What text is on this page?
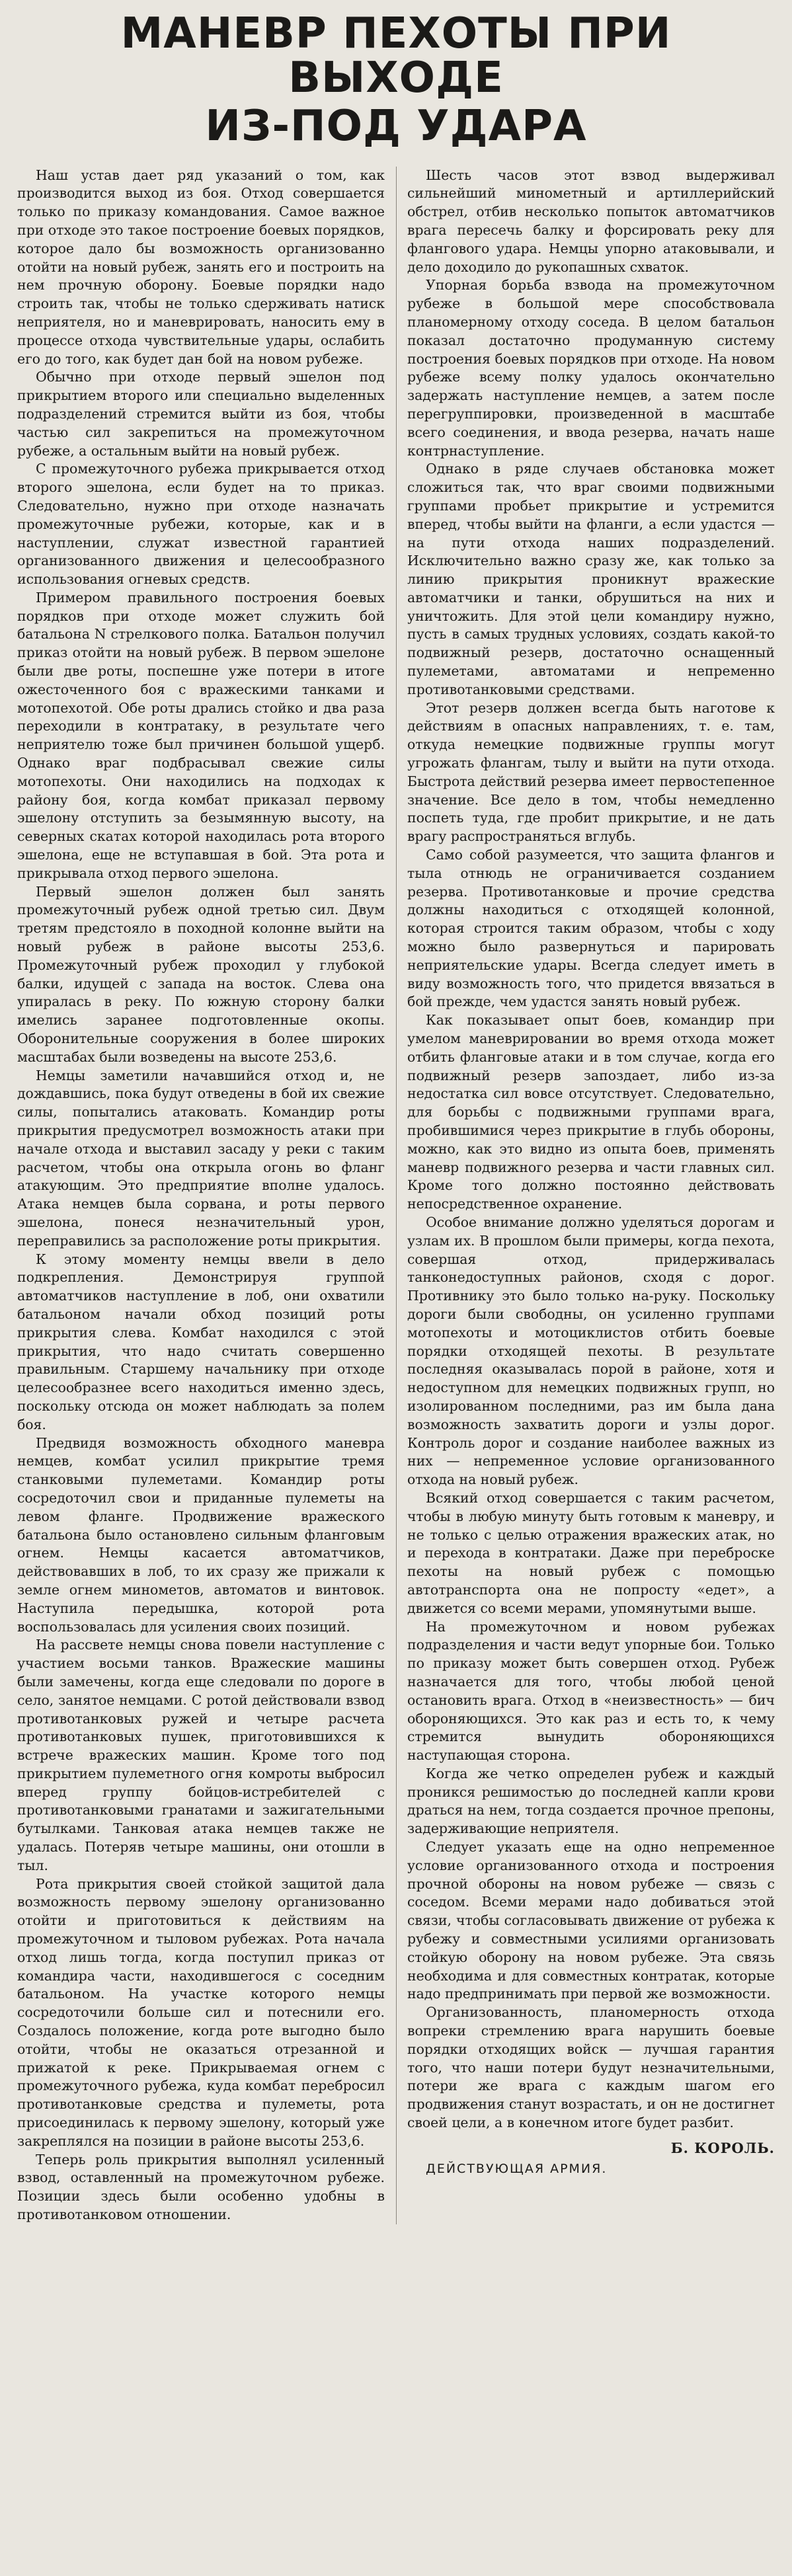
МАНЕВР ПЕХОТЫ ПРИ ВЫХОДЕ
ИЗ-ПОД УДАРА

Наш устав дает ряд указаний о том, как производится выход из боя. Отход совершается только по приказу командования. Самое важное при отходе это такое построение боевых порядков, которое дало бы возможность организованно отойти на новый рубеж, занять его и построить на нем прочную оборону. Боевые порядки надо строить так, чтобы не только сдерживать натиск неприятеля, но и маневрировать, наносить ему в процессе отхода чувствительные удары, ослабить его до того, как будет дан бой на новом рубеже.

Обычно при отходе первый эшелон под прикрытием второго или специально выделенных подразделений стремится выйти из боя, чтобы частью сил закрепиться на промежуточном рубеже, а остальным выйти на новый рубеж.

С промежуточного рубежа прикрывается отход второго эшелона, если будет на то приказ. Следовательно, нужно при отходе назначать промежуточные рубежи, которые, как и в наступлении, служат известной гарантией организованного движения и целесообразного использования огневых средств.

Примером правильного построения боевых порядков при отходе может служить бой батальона N стрелкового полка. Батальон получил приказ отойти на новый рубеж. В первом эшелоне были две роты, поспешне уже потери в итоге ожесточенного боя с вражескими танками и мотопехотой. Обе роты дрались стойко и два раза переходили в контратаку, в результате чего неприятелю тоже был причинен большой ущерб. Однако враг подбрасывал свежие силы мотопехоты. Они находились на подходах к району боя, когда комбат приказал первому эшелону отступить за безымянную высоту, на северных скатах которой находилась рота второго эшелона, еще не вступавшая в бой. Эта рота и прикрывала отход первого эшелона.

Первый эшелон должен был занять промежуточный рубеж одной третью сил. Двум третям предстояло в походной колонне выйти на новый рубеж в районе высоты 253,6. Промежуточный рубеж проходил у глубокой балки, идущей с запада на восток. Слева она упиралась в реку. По южную сторону балки имелись заранее подготовленные окопы. Оборонительные сооружения в более широких масштабах были возведены на высоте 253,6.

Немцы заметили начавшийся отход и, не дождавшись, пока будут отведены в бой их свежие силы, попытались атаковать. Командир роты прикрытия предусмотрел возможность атаки при начале отхода и выставил засаду у реки с таким расчетом, чтобы она открыла огонь во фланг атакующим. Это предприятие вполне удалось. Атака немцев была сорвана, и роты первого эшелона, понеся незначительный урон, переправились за расположение роты прикрытия.

К этому моменту немцы ввели в дело подкрепления. Демонстрируя группой автоматчиков наступление в лоб, они охватили батальоном начали обход позиций роты прикрытия слева. Комбат находился с этой прикрытия, что надо считать совершенно правильным. Старшему начальнику при отходе целесообразнее всего находиться именно здесь, поскольку отсюда он может наблюдать за полем боя.

Предвидя возможность обходного маневра немцев, комбат усилил прикрытие тремя станковыми пулеметами. Командир роты сосредоточил свои и приданные пулеметы на левом фланге. Продвижение вражеского батальона было остановлено сильным фланговым огнем. Немцы касается автоматчиков, действовавших в лоб, то их сразу же прижали к земле огнем минометов, автоматов и винтовок. Наступила передышка, которой рота воспользовалась для усиления своих позиций.

На рассвете немцы снова повели наступление с участием восьми танков. Вражеские машины были замечены, когда еще следовали по дороге в село, занятое немцами. С ротой действовали взвод противотанковых ружей и четыре расчета противотанковых пушек, приготовившихся к встрече вражеских машин. Кроме того под прикрытием пулеметного огня комроты выбросил вперед группу бойцов-истребителей с противотанковыми гранатами и зажигательными бутылками. Танковая атака немцев также не удалась. Потеряв четыре машины, они отошли в тыл.

Рота прикрытия своей стойкой защитой дала возможность первому эшелону организованно отойти и приготовиться к действиям на промежуточном и тыловом рубежах. Рота начала отход лишь тогда, когда поступил приказ от командира части, находившегося с соседним батальоном. На участке которого немцы сосредоточили больше сил и потеснили его. Создалось положение, когда роте выгодно было отойти, чтобы не оказаться отрезанной и прижатой к реке. Прикрываемая огнем с промежуточного рубежа, куда комбат перебросил противотанковые средства и пулеметы, рота присоединилась к первому эшелону, который уже закреплялся на позиции в районе высоты 253,6.

Теперь роль прикрытия выполнял усиленный взвод, оставленный на промежуточном рубеже. Позиции здесь были особенно удобны в противотанковом отношении.

Шесть часов этот взвод выдерживал сильнейший минометный и артиллерийский обстрел, отбив несколько попыток автоматчиков врага пересечь балку и форсировать реку для флангового удара. Немцы упорно атаковывали, и дело доходило до рукопашных схваток.

Упорная борьба взвода на промежуточном рубеже в большой мере способствовала планомерному отходу соседа. В целом батальон показал достаточно продуманную систему построения боевых порядков при отходе. На новом рубеже всему полку удалось окончательно задержать наступление немцев, а затем после перегруппировки, произведенной в масштабе всего соединения, и ввода резерва, начать наше контрнаступление.

Однако в ряде случаев обстановка может сложиться так, что враг своими подвижными группами пробьет прикрытие и устремится вперед, чтобы выйти на фланги, а если удастся — на пути отхода наших подразделений. Исключительно важно сразу же, как только за линию прикрытия проникнут вражеские автоматчики и танки, обрушиться на них и уничтожить. Для этой цели командиру нужно, пусть в самых трудных условиях, создать какой-то подвижный резерв, достаточно оснащенный пулеметами, автоматами и непременно противотанковыми средствами.

Этот резерв должен всегда быть наготове к действиям в опасных направлениях, т. е. там, откуда немецкие подвижные группы могут угрожать флангам, тылу и выйти на пути отхода. Быстрота действий резерва имеет первостепенное значение. Все дело в том, чтобы немедленно поспеть туда, где пробит прикрытие, и не дать врагу распространяться вглубь.

Само собой разумеется, что защита флангов и тыла отнюдь не ограничивается созданием резерва. Противотанковые и прочие средства должны находиться с отходящей колонной, которая строится таким образом, чтобы с ходу можно было развернуться и парировать неприятельские удары. Всегда следует иметь в виду возможность того, что придется ввязаться в бой прежде, чем удастся занять новый рубеж.

Как показывает опыт боев, командир при умелом маневрировании во время отхода может отбить фланговые атаки и в том случае, когда его подвижный резерв запоздает, либо из-за недостатка сил вовсе отсутствует. Следовательно, для борьбы с подвижными группами врага, пробившимися через прикрытие в глубь обороны, можно, как это видно из опыта боев, применять маневр подвижного резерва и части главных сил. Кроме того должно постоянно действовать непосредственное охранение.

Особое внимание должно уделяться дорогам и узлам их. В прошлом были примеры, когда пехота, совершая отход, придерживалась танконедоступных районов, сходя с дорог. Противнику это было только на-руку. Поскольку дороги были свободны, он усиленно группами мотопехоты и мотоциклистов отбить боевые порядки отходящей пехоты. В результате последняя оказывалась порой в районе, хотя и недоступном для немецких подвижных групп, но изолированном последними, раз им была дана возможность захватить дороги и узлы дорог. Контроль дорог и создание наиболее важных из них — непременное условие организованного отхода на новый рубеж.

Всякий отход совершается с таким расчетом, чтобы в любую минуту быть готовым к маневру, и не только с целью отражения вражеских атак, но и перехода в контратаки. Даже при переброске пехоты на новый рубеж с помощью автотранспорта она не попросту «едет», а движется со всеми мерами, упомянутыми выше.

На промежуточном и новом рубежах подразделения и части ведут упорные бои. Только по приказу может быть совершен отход. Рубеж назначается для того, чтобы любой ценой остановить врага. Отход в «неизвестность» — бич обороняющихся. Это как раз и есть то, к чему стремится вынудить обороняющихся наступающая сторона.

Когда же четко определен рубеж и каждый проникся решимостью до последней капли крови драться на нем, тогда создается прочное препоны, задерживающие неприятеля.

Следует указать еще на одно непременное условие организованного отхода и построения прочной обороны на новом рубеже — связь с соседом. Всеми мерами надо добиваться этой связи, чтобы согласовывать движение от рубежа к рубежу и совместными усилиями организовать стойкую оборону на новом рубеже. Эта связь необходима и для совместных контратак, которые надо предпринимать при первой же возможности.

Организованность, планомерность отхода вопреки стремлению врага нарушить боевые порядки отходящих войск — лучшая гарантия того, что наши потери будут незначительными, потери же врага с каждым шагом его продвижения станут возрастать, и он не достигнет своей цели, а в конечном итоге будет разбит.

Б. КОРОЛЬ.
ДЕЙСТВУЮЩАЯ АРМИЯ.
